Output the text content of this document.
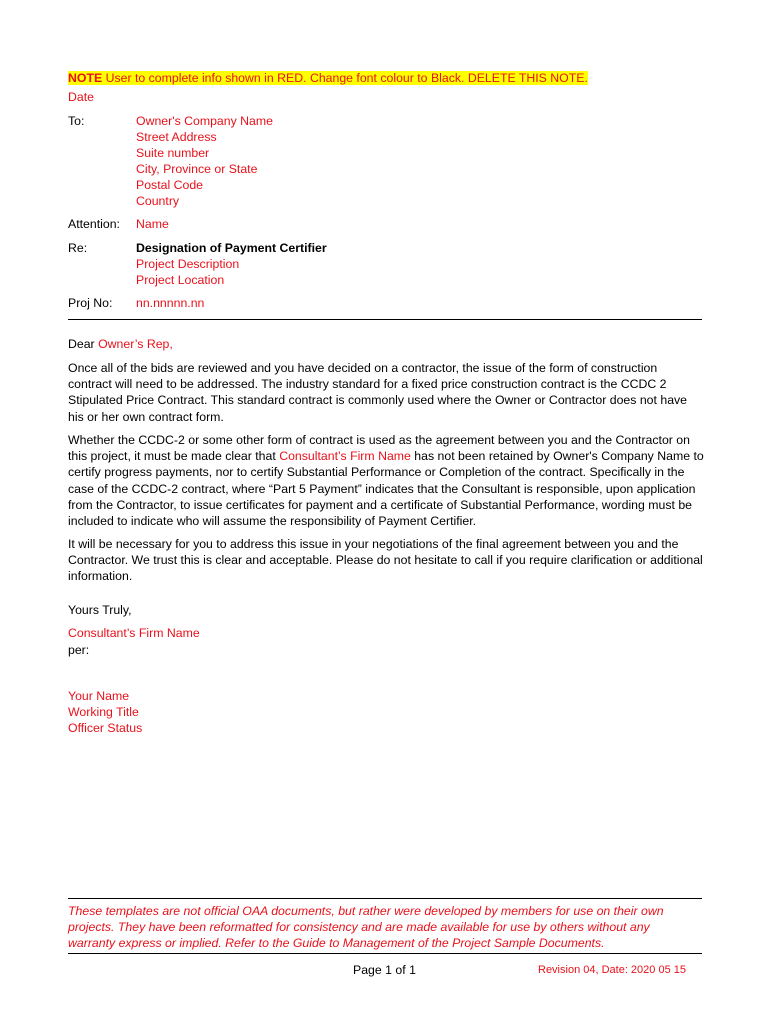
NOTE User to complete info shown in RED. Change font colour to Black. DELETE THIS NOTE.
Date
To:	Owner's Company Name
Street Address
Suite number
City, Province or State
Postal Code
Country
Attention: Name
Re:	Designation of Payment Certifier
Project Description
Project Location
Proj No: nn.nnnnn.nn
Dear Owner’s Rep,

Once all of the bids are reviewed and you have decided on a contractor, the issue of the form of construction contract will need to be addressed. The industry standard for a fixed price construction contract is the CCDC 2 Stipulated Price Contract. This standard contract is commonly used where the Owner or Contractor does not have his or her own contract form.

Whether the CCDC-2 or some other form of contract is used as the agreement between you and the Contractor on this project, it must be made clear that Consultant’s Firm Name has not been retained by Owner's Company Name to certify progress payments, nor to certify Substantial Performance or Completion of the contract. Specifically in the case of the CCDC-2 contract, where “Part 5 Payment” indicates that the Consultant is responsible, upon application from the Contractor, to issue certificates for payment and a certificate of Substantial Performance, wording must be included to indicate who will assume the responsibility of Payment Certifier.

It will be necessary for you to address this issue in your negotiations of the final agreement between you and the Contractor. We trust this is clear and acceptable. Please do not hesitate to call if you require clarification or additional information.

Yours Truly,
Consultant’s Firm Name
per:
Your Name
Working Title
Officer Status
These templates are not official OAA documents, but rather were developed by members for use on their own projects. They have been reformatted for consistency and are made available for use by others without any warranty express or implied. Refer to the Guide to Management of the Project Sample Documents.
Page 1 of 1	Revision 04, Date: 2020 05 15
